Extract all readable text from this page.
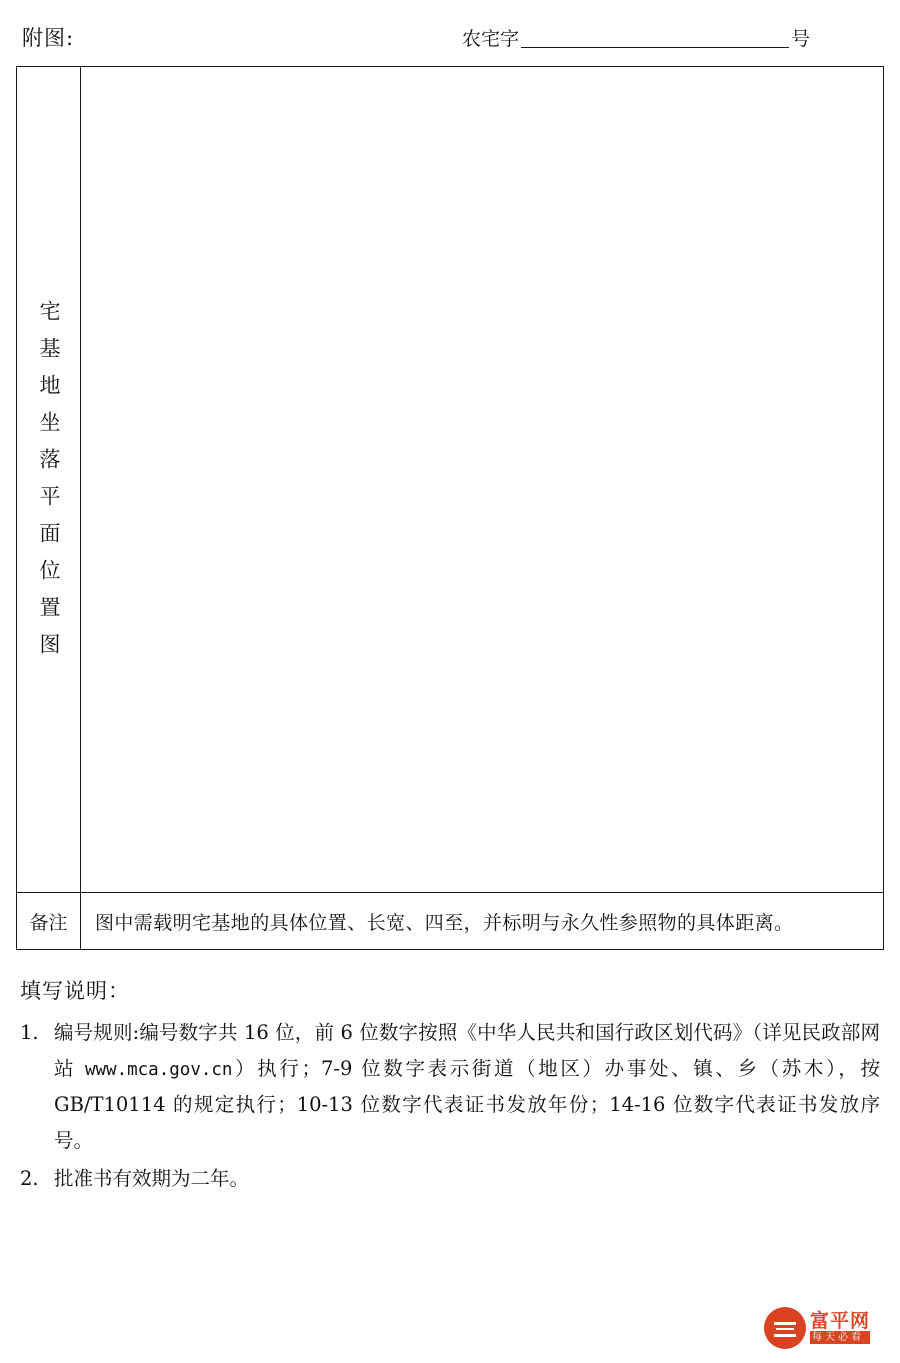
附图:	农宅字	号
宅基地坐落平面位置图
备注	图中需载明宅基地的具体位置、长宽、四至，并标明与永久性参照物的具体距离。
填写说明：
1. 编号规则:编号数字共 16 位，前 6 位数字按照《中华人民共和国行政区划代码》（详见民政部网站 www.mca.gov.cn）执行；7-9 位数字表示街道（地区）办事处、镇、乡（苏木），按 GB/T10114 的规定执行；10-13 位数字代表证书发放年份；14-16 位数字代表证书发放序号。
2. 批准书有效期为二年。
富平网
每天必看
